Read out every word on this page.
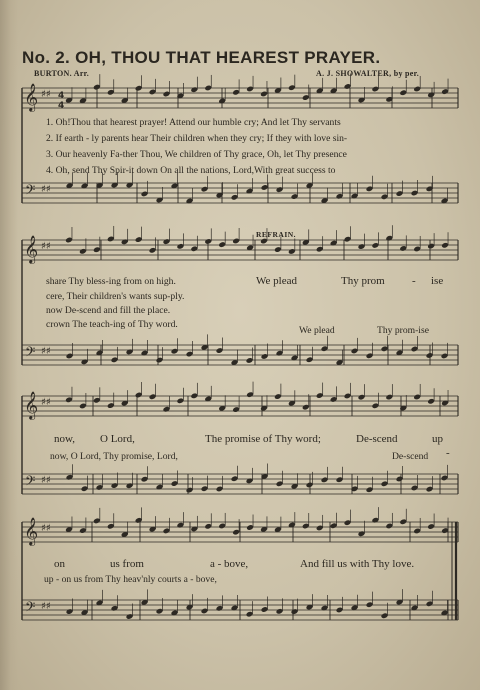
No. 2. OH, THOU THAT HEAREST PRAYER.
BURTON. Arr.	A. J. SHOWALTER, by per.
𝄞
𝄢
♯♯
♯♯
𝄞
𝄢
♯♯
♯♯
𝄞
𝄢
♯♯
♯♯
𝄞
𝄢
♯♯
♯♯
4
4
1. Oh!Thou that hearest prayer! Attend our humble cry; And let Thy servants
2. If earth - ly parents hear Their children when they cry; If they with love sin-
3. Our heavenly Fa-ther Thou, We children of Thy grace, Oh, let Thy presence
4. Oh, send Thy Spir-it down On all the nations, Lord,With great success to
REFRAIN.
share Thy bless-ing from on high.
cere, Their children's wants sup-ply.
now De-scend and fill the place.
crown The teach-ing of Thy word.
We plead	Thy prom - ise
We plead	Thy prom-ise
now, O Lord,	The promise of Thy word;	De-scend	up
-
now, O Lord, Thy promise, Lord,	De-scend
on	us from	a - bove,	And fill us with Thy love.
up - on us from Thy heav'nly courts a - bove,
